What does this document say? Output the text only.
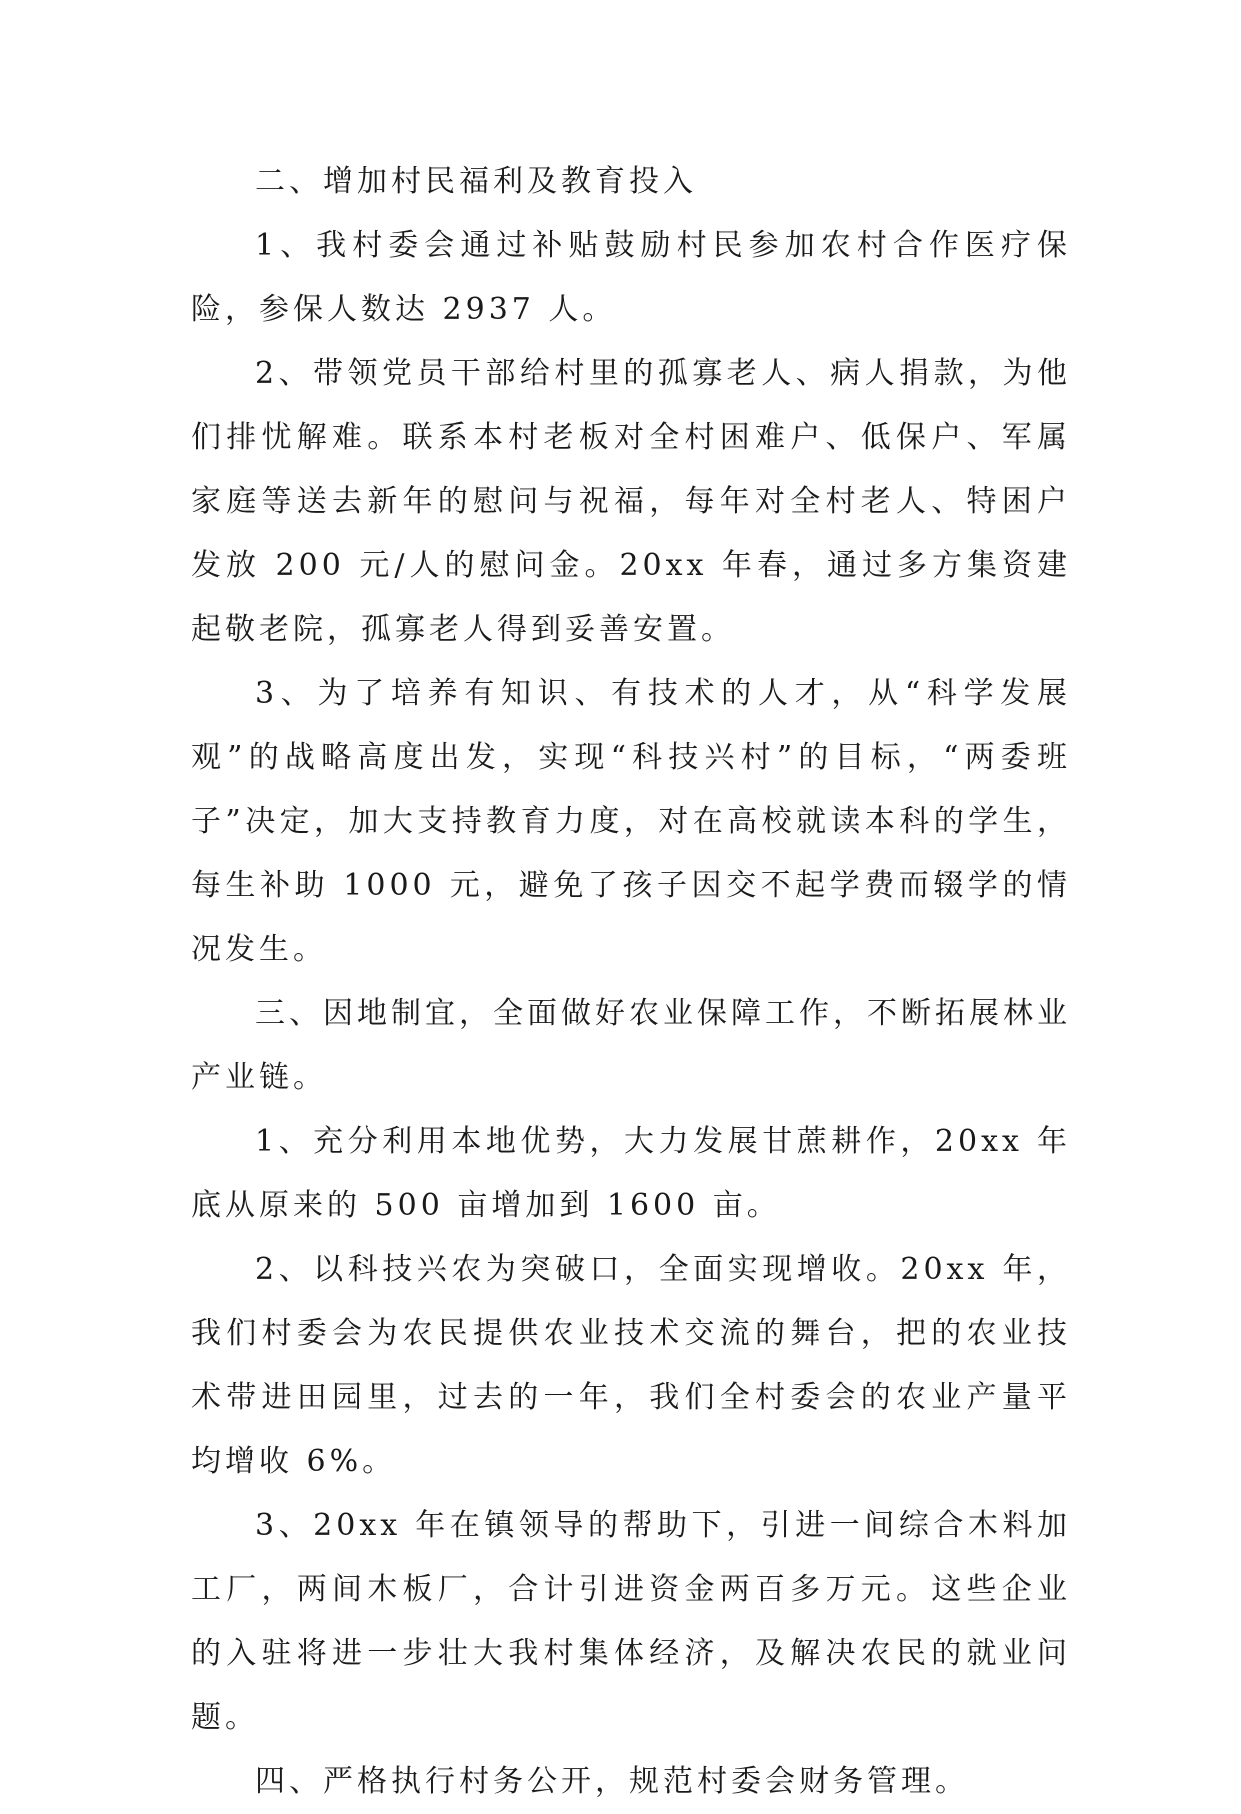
二、增加村民福利及教育投入

1、我村委会通过补贴鼓励村民参加农村合作医疗保险，参保人数达 2937 人。

2、带领党员干部给村里的孤寡老人、病人捐款，为他们排忧解难。联系本村老板对全村困难户、低保户、军属家庭等送去新年的慰问与祝福，每年对全村老人、特困户发放 200 元/人的慰问金。20xx 年春，通过多方集资建起敬老院，孤寡老人得到妥善安置。

3、为了培养有知识、有技术的人才，从“科学发展观”的战略高度出发，实现“科技兴村”的目标，“两委班子”决定，加大支持教育力度，对在高校就读本科的学生，每生补助 1000 元，避免了孩子因交不起学费而辍学的情况发生。

三、因地制宜，全面做好农业保障工作，不断拓展林业产业链。

1、充分利用本地优势，大力发展甘蔗耕作，20xx 年底从原来的 500 亩增加到 1600 亩。

2、以科技兴农为突破口，全面实现增收。20xx 年，我们村委会为农民提供农业技术交流的舞台，把的农业技术带进田园里，过去的一年，我们全村委会的农业产量平均增收 6%。

3、20xx 年在镇领导的帮助下，引进一间综合木料加工厂，两间木板厂，合计引进资金两百多万元。这些企业的入驻将进一步壮大我村集体经济，及解决农民的就业问题。

四、严格执行村务公开，规范村委会财务管理。
